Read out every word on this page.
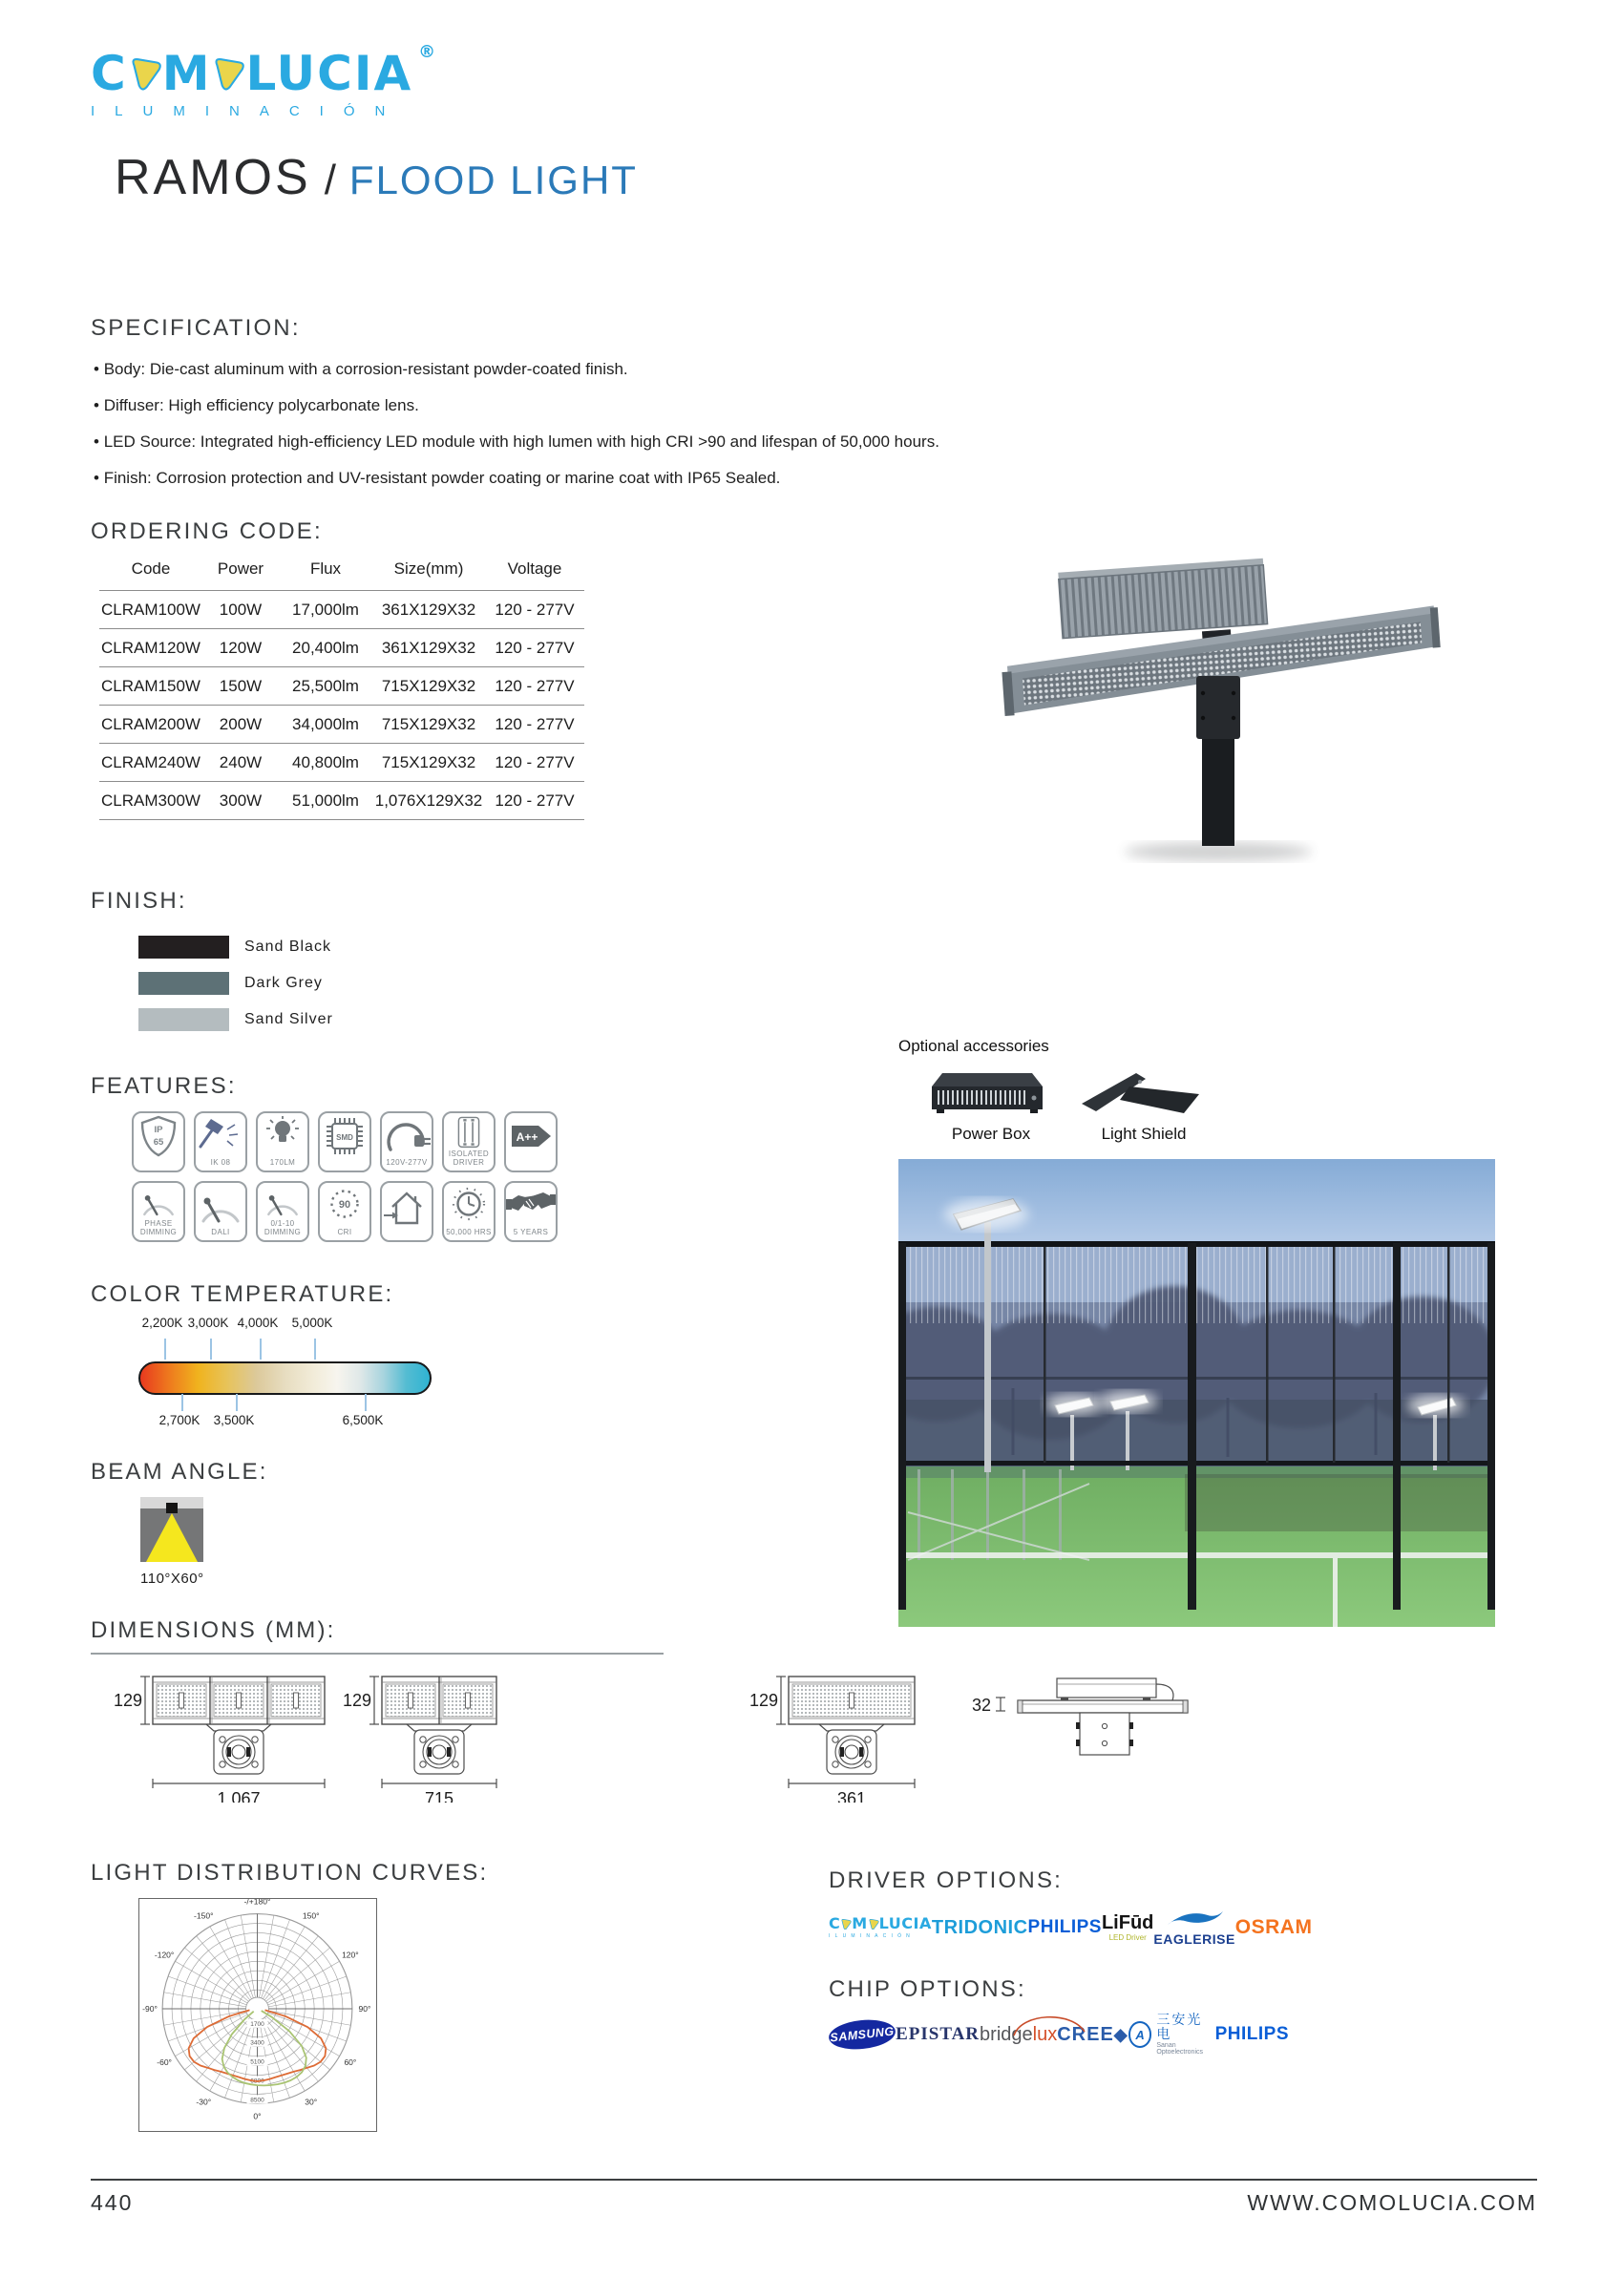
C M LUCIA ®
ILUMINACIÓN
RAMOS / FLOOD LIGHT
SPECIFICATION:
• Body: Die-cast aluminum with a corrosion-resistant powder-coated finish.
• Diffuser: High efficiency polycarbonate lens.
• LED Source: Integrated high-efficiency LED module with high lumen with high CRI >90 and lifespan of 50,000 hours.
• Finish: Corrosion protection and UV-resistant powder coating or marine coat with IP65 Sealed.
ORDERING CODE:
Code	Power	Flux	Size(mm)	Voltage
CLRAM100W	100W	17,000lm	361X129X32	120 - 277V
CLRAM120W	120W	20,400lm	361X129X32	120 - 277V
CLRAM150W	150W	25,500lm	715X129X32	120 - 277V
CLRAM200W	200W	34,000lm	715X129X32	120 - 277V
CLRAM240W	240W	40,800lm	715X129X32	120 - 277V
CLRAM300W	300W	51,000lm	1,076X129X32	120 - 277V
FINISH:
Sand Black
Dark Grey
Sand Silver
FEATURES:
IP
65
IK 08	170LM
SMD
120V-277V
ISOLATED DRIVER
A++
PHASE DIMMING	DALI
0/1-10 DIMMING
90
CRI	50,000 HRS	5 YEARS
COLOR TEMPERATURE:
2,200K 3,000K 4,000K 5,000K
2,700K 3,500K	6,500K
BEAM ANGLE:
110°X60°
Optional accessories
Power Box	Light Shield
DIMENSIONS (MM):
129
1,067
129
715
129
361
32
LIGHT DISTRIBUTION CURVES:
-/+180°
-150°	150°
-120°	120°
-90°	90°
-60°	60°
-30°	30°
0°
1700
3400
5100
6800
8500
DRIVER OPTIONS:
C M LUCIA
ILUMINACIÓN TRIDONIC PHILIPS LiFūd
LED Driver EAGLERISE
OSRAM
CHIP OPTIONS:
SAMSUNG EPISTAR bridgelux CREE◆ A
三安光电
Sanan Optoelectronics
PHILIPS
440	WWW.COMOLUCIA.COM
